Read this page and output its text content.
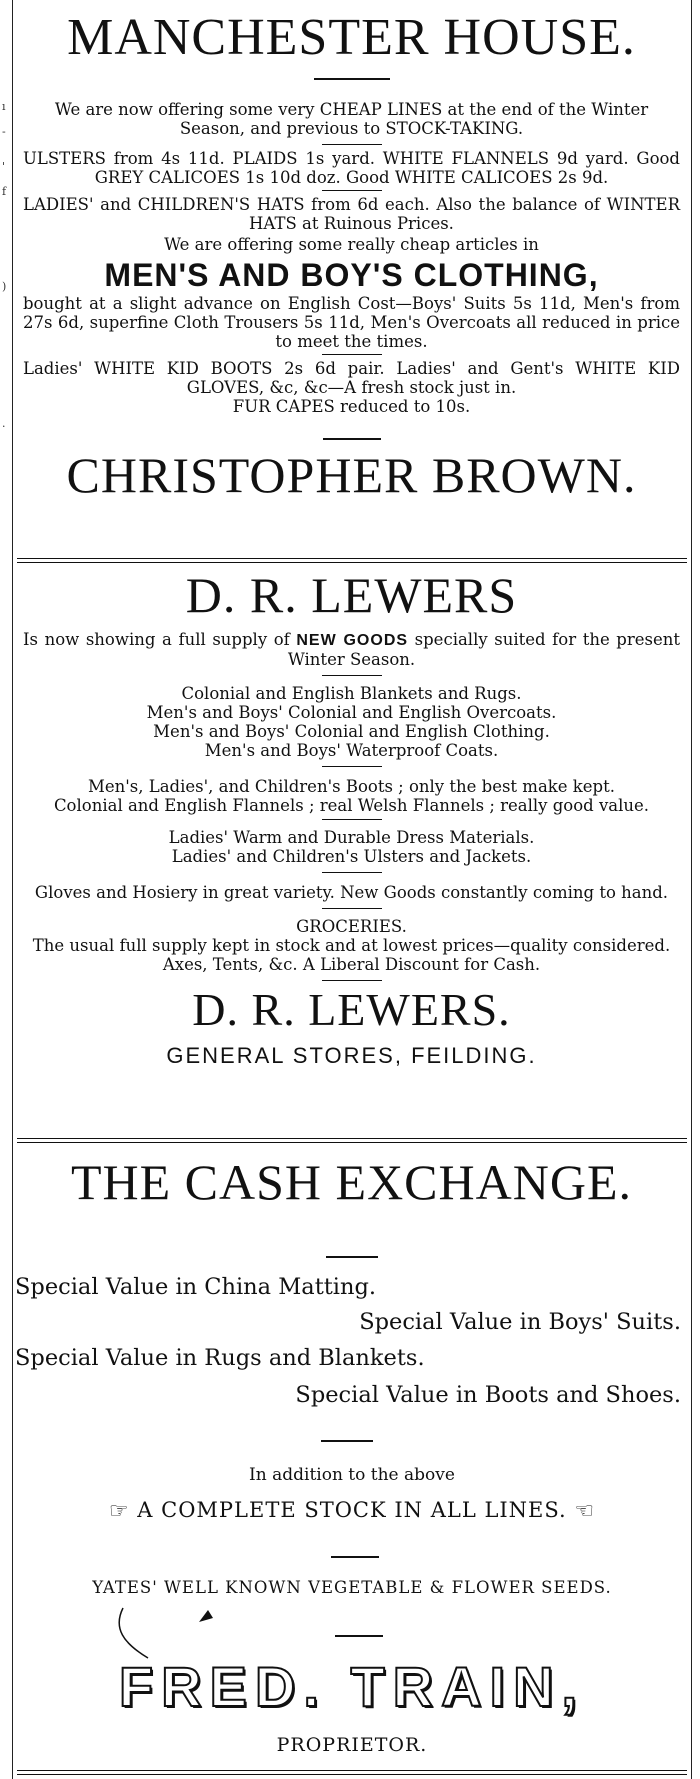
ı
-
'
f
)
·
MANCHESTER HOUSE.
We are now offering some very CHEAP LINES at the end of the Winter Season, and previous to STOCK-TAKING.
ULSTERS from 4s 11d. PLAIDS 1s yard. WHITE FLANNELS 9d yard. Good GREY CALICOES 1s 10d doz. Good WHITE CALICOES 2s 9d.
LADIES' and CHILDREN'S HATS from 6d each. Also the balance of WINTER HATS at Ruinous Prices.
We are offering some really cheap articles in
MEN'S AND BOY'S CLOTHING,
bought at a slight advance on English Cost—Boys' Suits 5s 11d, Men's from 27s 6d, superfine Cloth Trousers 5s 11d, Men's Overcoats all reduced in price to meet the times.
Ladies' WHITE KID BOOTS 2s 6d pair. Ladies' and Gent's WHITE KID GLOVES, &c, &c—A fresh stock just in.
FUR CAPES reduced to 10s.
CHRISTOPHER BROWN.
D. R. LEWERS
Is now showing a full supply of NEW GOODS specially suited for the present Winter Season.
Colonial and English Blankets and Rugs.
Men's and Boys' Colonial and English Overcoats.
Men's and Boys' Colonial and English Clothing.
Men's and Boys' Waterproof Coats.
Men's, Ladies', and Children's Boots ; only the best make kept.
Colonial and English Flannels ; real Welsh Flannels ; really good value.
Ladies' Warm and Durable Dress Materials.
Ladies' and Children's Ulsters and Jackets.
Gloves and Hosiery in great variety. New Goods constantly coming to hand.
GROCERIES.
The usual full supply kept in stock and at lowest prices—quality considered.
Axes, Tents, &c. A Liberal Discount for Cash.
D. R. LEWERS.
GENERAL STORES, FEILDING.
THE CASH EXCHANGE.
Special Value in China Matting.
Special Value in Boys' Suits.
Special Value in Rugs and Blankets.
Special Value in Boots and Shoes.
In addition to the above
☞ A COMPLETE STOCK IN ALL LINES. ☜
YATES' WELL KNOWN VEGETABLE & FLOWER SEEDS.
FRED. TRAIN,
PROPRIETOR.
